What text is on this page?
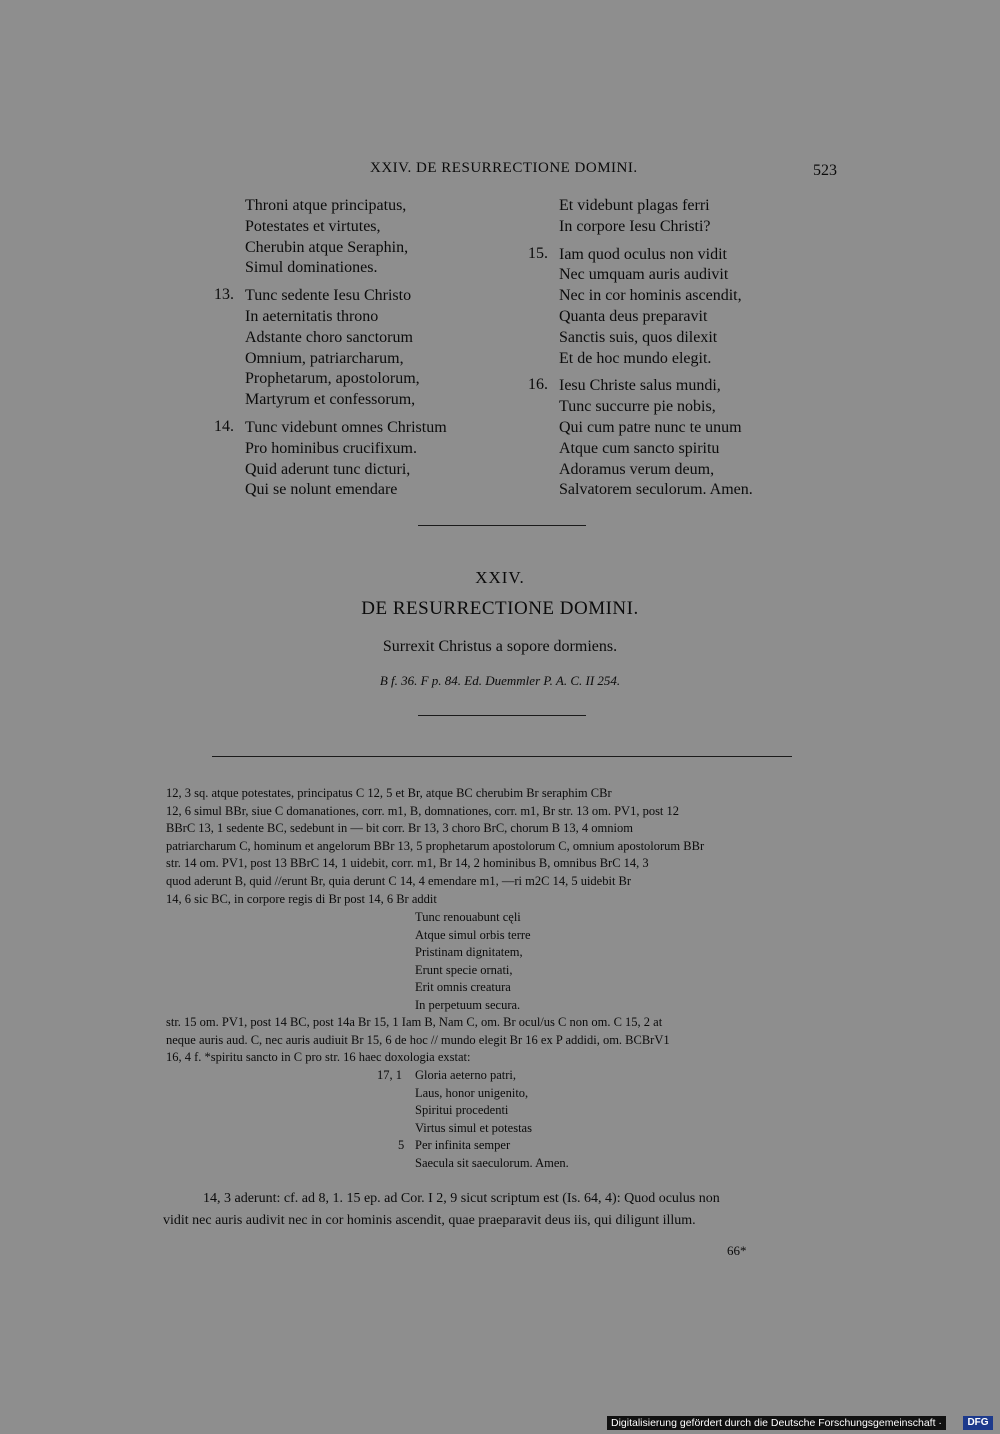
XXIV. DE RESURRECTIONE DOMINI.	523
Throni atque principatus,
Potestates et virtutes,
Cherubin atque Seraphin,
Simul dominationes.
13. Tunc sedente Iesu Christo
In aeternitatis throno
Adstante choro sanctorum
Omnium, patriarcharum,
Prophetarum, apostolorum,
Martyrum et confessorum,
14. Tunc videbunt omnes Christum
Pro hominibus crucifixum.
Quid aderunt tunc dicturi,
Qui se nolunt emendare
Et videbunt plagas ferri
In corpore Iesu Christi?
15. Iam quod oculus non vidit
Nec umquam auris audivit
Nec in cor hominis ascendit,
Quanta deus preparavit
Sanctis suis, quos dilexit
Et de hoc mundo elegit.
16. Iesu Christe salus mundi,
Tunc succurre pie nobis,
Qui cum patre nunc te unum
Atque cum sancto spiritu
Adoramus verum deum,
Salvatorem seculorum. Amen.
XXIV.
DE RESURRECTIONE DOMINI.
Surrexit Christus a sopore dormiens.
B f. 36. F p. 84. Ed. Duemmler P. A. C. II 254.
12, 3 sq. atque potestates, principatus C 12, 5 et Br, atque BC cherubim Br seraphim CBr
12, 6 simul BBr, siue C domanationes, corr. m1, B, domnationes, corr. m1, Br str. 13 om. PV1, post 12
BBrC 13, 1 sedente BC, sedebunt in — bit corr. Br 13, 3 choro BrC, chorum B 13, 4 omniom
patriarcharum C, hominum et angelorum BBr 13, 5 prophetarum apostolorum C, omnium apostolorum BBr
str. 14 om. PV1, post 13 BBrC 14, 1 uidebit, corr. m1, Br 14, 2 hominibus B, omnibus BrC 14, 3
quod aderunt B, quid //erunt Br, quia derunt C 14, 4 emendare m1, —ri m2C 14, 5 uidebit Br
14, 6 sic BC, in corpore regis di Br post 14, 6 Br addit
Tunc renouabunt cęli
Atque simul orbis terre
Pristinam dignitatem,
Erunt specie ornati,
Erit omnis creatura
In perpetuum secura.
str. 15 om. PV1, post 14 BC, post 14a Br 15, 1 Iam B, Nam C, om. Br ocul/us C non om. C 15, 2 at
neque auris aud. C, nec auris audiuit Br 15, 6 de hoc // mundo elegit Br 16 ex P addidi, om. BCBrV1
16, 4 f. *spiritu sancto in C pro str. 16 haec doxologia exstat:
17, 1
5
Gloria aeterno patri,
Laus, honor unigenito,
Spiritui procedenti
Virtus simul et potestas
Per infinita semper
Saecula sit saeculorum. Amen.
14, 3 aderunt: cf. ad 8, 1. 15 ep. ad Cor. I 2, 9 sicut scriptum est (Is. 64, 4): Quod oculus non
vidit nec auris audivit nec in cor hominis ascendit, quae praeparavit deus iis, qui diligunt illum.
66*
Digitalisierung gefördert durch die Deutsche Forschungsgemeinschaft ·	DFG
